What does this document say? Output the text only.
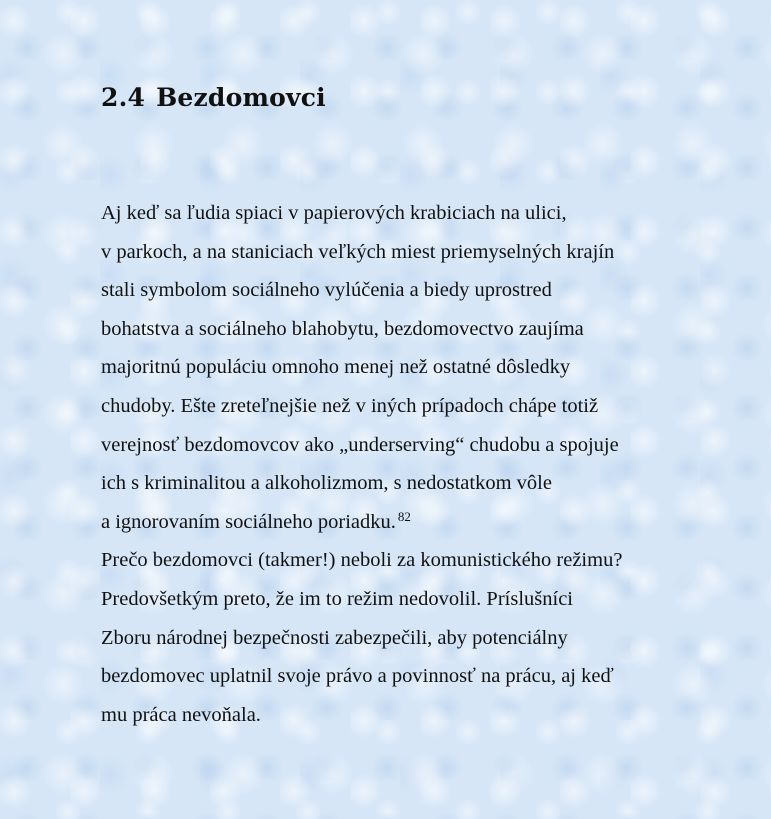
2.4 Bezdomovci
Aj keď sa ľudia spiaci v papierových krabiciach na ulici,
v parkoch, a na staniciach veľkých miest priemyselných krajín
stali symbolom sociálneho vylúčenia a biedy uprostred
bohatstva a sociálneho blahobytu, bezdomovectvo zaujíma
majoritnú populáciu omnoho menej než ostatné dôsledky
chudoby. Ešte zreteľnejšie než v iných prípadoch chápe totiž
verejnosť bezdomovcov ako „underserving“ chudobu a spojuje
ich s kriminalitou a alkoholizmom, s nedostatkom vôle
a ignorovaním sociálneho poriadku. $^{82}$
Prečo bezdomovci (takmer!) neboli za komunistického režimu?
Predovšetkým preto, že im to režim nedovolil. Príslušníci
Zboru národnej bezpečnosti zabezpečili, aby potenciálny
bezdomovec uplatnil svoje právo a povinnosť na prácu, aj keď
mu práca nevoňala.
